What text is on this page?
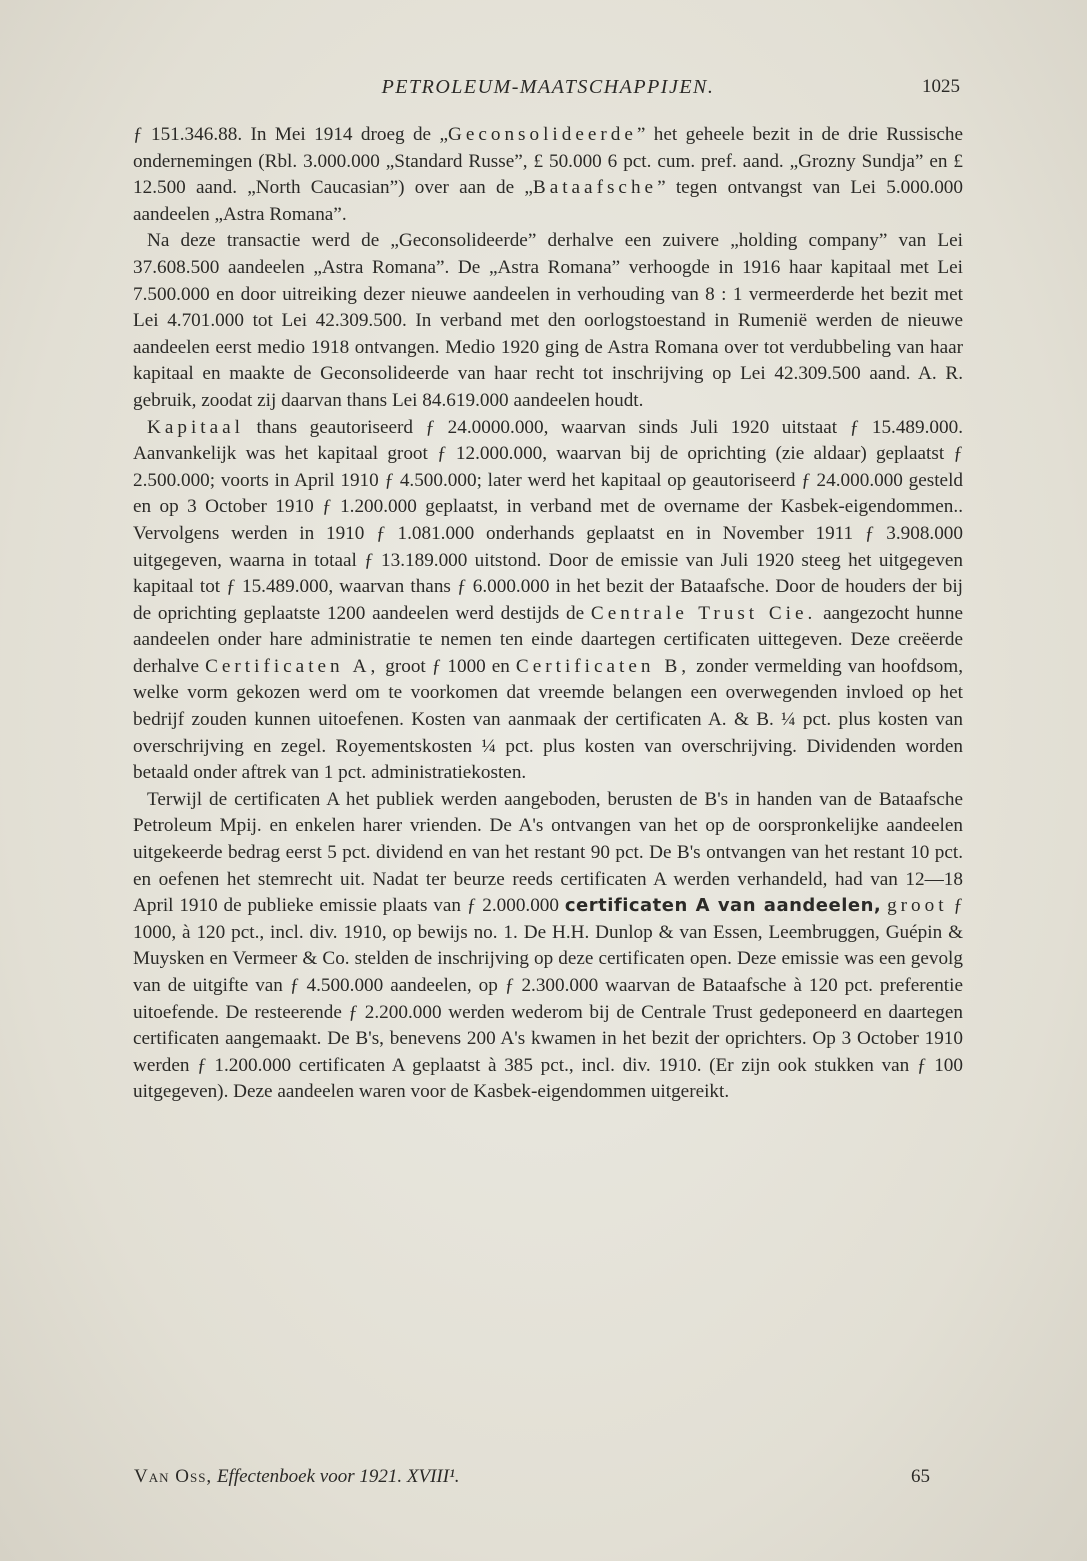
PETROLEUM-MAATSCHAPPIJEN.	1025

ƒ 151.346.88. In Mei 1914 droeg de „Geconsolideerde” het geheele bezit in de drie Russische ondernemingen (Rbl. 3.000.000 „Standard Russe”, £ 50.000 6 pct. cum. pref. aand. „Grozny Sundja” en £ 12.500 aand. „North Caucasian”) over aan de „Bataafsche” tegen ontvangst van Lei 5.000.000 aandeelen „Astra Romana”.

Na deze transactie werd de „Geconsolideerde” derhalve een zuivere „holding company” van Lei 37.608.500 aandeelen „Astra Romana”. De „Astra Romana” verhoogde in 1916 haar kapitaal met Lei 7.500.000 en door uitreiking dezer nieuwe aandeelen in verhouding van 8 : 1 vermeerderde het bezit met Lei 4.701.000 tot Lei 42.309.500. In verband met den oorlogstoestand in Rumenië werden de nieuwe aandeelen eerst medio 1918 ontvangen. Medio 1920 ging de Astra Romana over tot verdubbeling van haar kapitaal en maakte de Geconsolideerde van haar recht tot inschrijving op Lei 42.309.500 aand. A. R. gebruik, zoodat zij daarvan thans Lei 84.619.000 aandeelen houdt.

Kapitaal thans geautoriseerd ƒ 24.0000.000, waarvan sinds Juli 1920 uitstaat ƒ 15.489.000. Aanvankelijk was het kapitaal groot ƒ 12.000.000, waarvan bij de oprichting (zie aldaar) geplaatst ƒ 2.500.000; voorts in April 1910 ƒ 4.500.000; later werd het kapitaal op geautoriseerd ƒ 24.000.000 gesteld en op 3 October 1910 ƒ 1.200.000 geplaatst, in verband met de overname der Kasbek-eigendommen.. Vervolgens werden in 1910 ƒ 1.081.000 onderhands geplaatst en in November 1911 ƒ 3.908.000 uitgegeven, waarna in totaal ƒ 13.189.000 uitstond. Door de emissie van Juli 1920 steeg het uitgegeven kapitaal tot ƒ 15.489.000, waarvan thans ƒ 6.000.000 in het bezit der Bataafsche. Door de houders der bij de oprichting geplaatste 1200 aandeelen werd destijds de Centrale Trust Cie. aangezocht hunne aandeelen onder hare administratie te nemen ten einde daartegen certificaten uittegeven. Deze creëerde derhalve Certificaten A, groot ƒ 1000 en Certificaten B, zonder vermelding van hoofdsom, welke vorm gekozen werd om te voorkomen dat vreemde belangen een overwegenden invloed op het bedrijf zouden kunnen uitoefenen. Kosten van aanmaak der certificaten A. & B. ¼ pct. plus kosten van overschrijving en zegel. Royementskosten ¼ pct. plus kosten van overschrijving. Dividenden worden betaald onder aftrek van 1 pct. administratiekosten.

Terwijl de certificaten A het publiek werden aangeboden, berusten de B's in handen van de Bataafsche Petroleum Mpij. en enkelen harer vrienden. De A's ontvangen van het op de oorspronkelijke aandeelen uitgekeerde bedrag eerst 5 pct. dividend en van het restant 90 pct. De B's ontvangen van het restant 10 pct. en oefenen het stemrecht uit. Nadat ter beurze reeds certificaten A werden verhandeld, had van 12—18 April 1910 de publieke emissie plaats van ƒ 2.000.000 certificaten A van aandeelen, groot ƒ 1000, à 120 pct., incl. div. 1910, op bewijs no. 1. De H.H. Dunlop & van Essen, Leembruggen, Guépin & Muysken en Vermeer & Co. stelden de inschrijving op deze certificaten open. Deze emissie was een gevolg van de uitgifte van ƒ 4.500.000 aandeelen, op ƒ 2.300.000 waarvan de Bataafsche à 120 pct. preferentie uitoefende. De resteerende ƒ 2.200.000 werden wederom bij de Centrale Trust gedeponeerd en daartegen certificaten aangemaakt. De B's, benevens 200 A's kwamen in het bezit der oprichters. Op 3 October 1910 werden ƒ 1.200.000 certificaten A geplaatst à 385 pct., incl. div. 1910. (Er zijn ook stukken van ƒ 100 uitgegeven). Deze aandeelen waren voor de Kasbek-eigendommen uitgereikt.

Van Oss, Effectenboek voor 1921. XVIII¹.	65
